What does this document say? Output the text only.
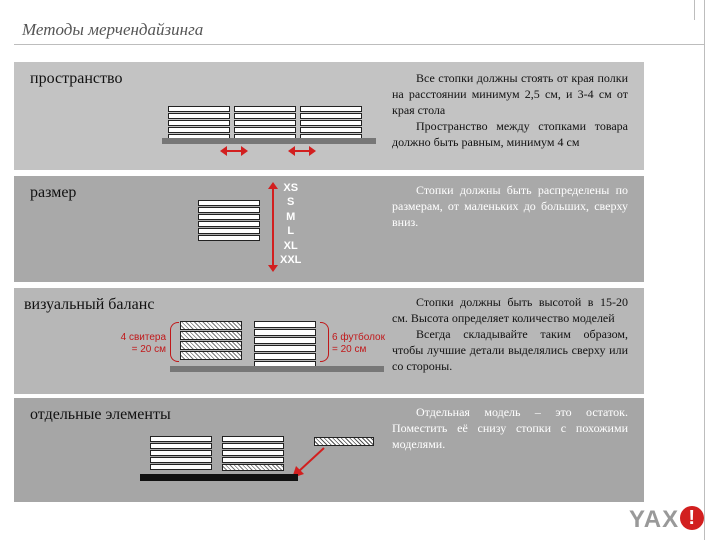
Методы мерчендайзинга
пространство	Все стопки должны стоять от края полки на расстоянии минимум 2,5 см, и 3-4 см от края стола

Пространство между стопками товара должно быть равным, минимум 4 см

размер	XS
S
M
L
XL
XXL

Стопки должны быть распределены по размерам, от маленьких до больших, сверху вниз.

визуальный баланс
4 свитера
= 20 см
6 футболок
= 20 см

Стопки должны быть высотой в 15-20 см. Высота определяет количество моделей

Всегда складывайте таким образом, чтобы лучшие детали выделялись сверху или со стороны.

отдельные элементы	Отдельная модель – это остаток. Поместить её снизу стопки с похожими моделями.

YAX !
